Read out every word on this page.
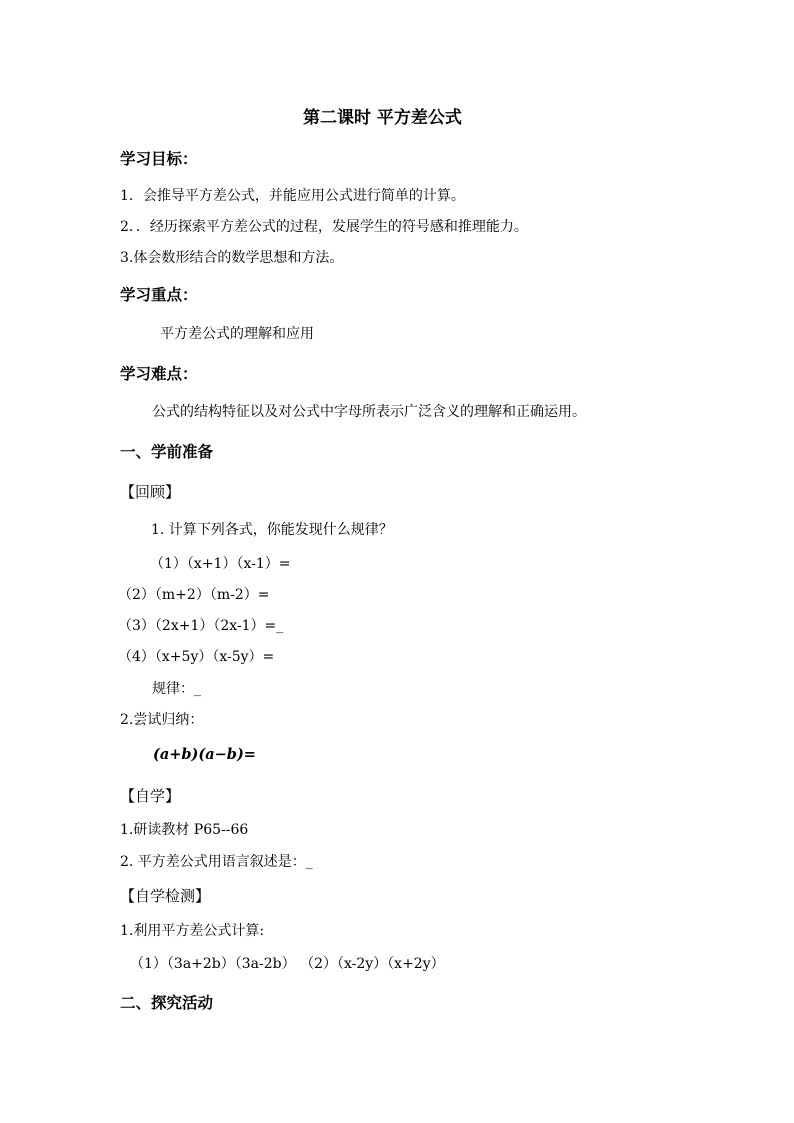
第二课时 平方差公式
学习目标：
1．会推导平方差公式，并能应用公式进行简单的计算。
2．．经历探索平方差公式的过程，发展学生的符号感和推理能力。
3.体会数形结合的数学思想和方法。
学习重点：
平方差公式的理解和应用
学习难点：
公式的结构特征以及对公式中字母所表示广泛含义的理解和正确运用。
一、学前准备
【回顾】
1. 计算下列各式，你能发现什么规律？
（1）（x+1）（x-1）=
（2）（m+2）（m-2）=
（3）（2x+1）（2x-1）=_
（4）（x+5y）（x-5y）=
规律：_
2.尝试归纳：
(a+b)(a−b)=
【自学】
1.研读教材 P65--66
2. 平方差公式用语言叙述是：_
【自学检测】
1.利用平方差公式计算:
（1）（3a+2b）（3a-2b） （2）（x-2y）（x+2y）
二、探究活动
